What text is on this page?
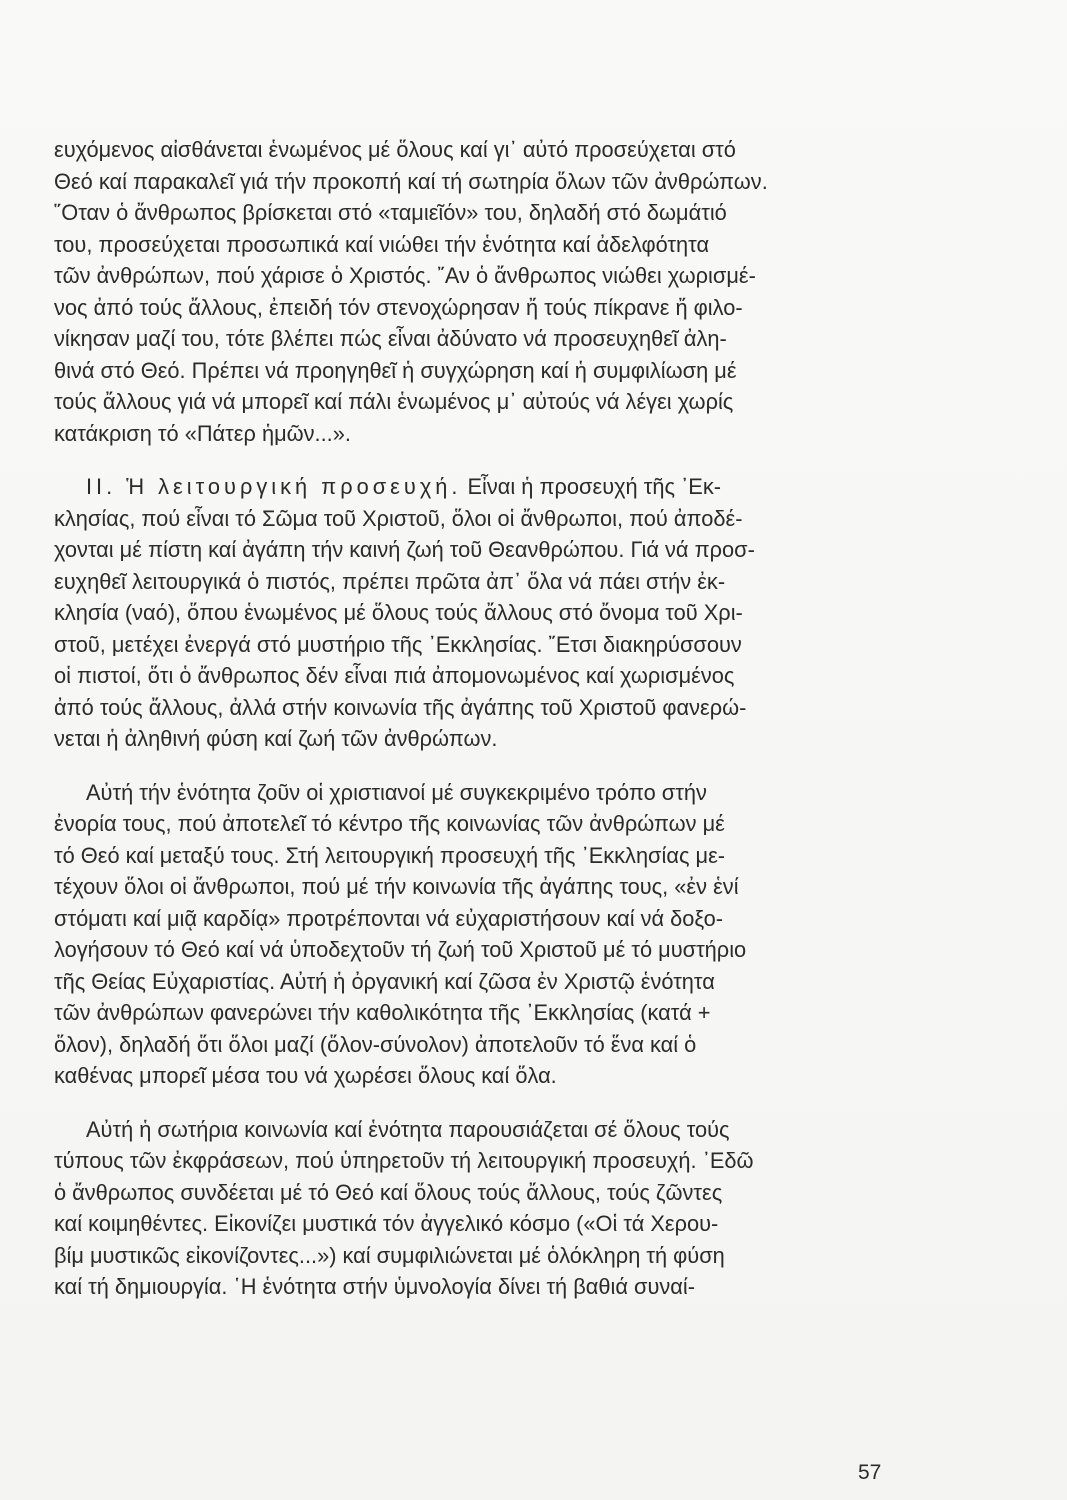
ευχόμενος αἰσθάνεται ἑνωμένος μέ ὅλους καί γι᾽ αὐτό προσεύχεται στό
Θεό καί παρακαλεῖ γιά τήν προκοπή καί τή σωτηρία ὅλων τῶν ἀνθρώπων.
῞Οταν ὁ ἄνθρωπος βρίσκεται στό «ταμιεῖόν» του, δηλαδή στό δωμάτιό
του, προσεύχεται προσωπικά καί νιώθει τήν ἑνότητα καί ἀδελφότητα
τῶν ἀνθρώπων, πού χάρισε ὁ Χριστός. ῎Αν ὁ ἄνθρωπος νιώθει χωρισμέ-
νος ἀπό τούς ἄλλους, ἐπειδή τόν στενοχώρησαν ἤ τούς πίκρανε ἤ φιλο-
νίκησαν μαζί του, τότε βλέπει πώς εἶναι ἀδύνατο νά προσευχηθεῖ ἀλη-
θινά στό Θεό. Πρέπει νά προηγηθεῖ ἡ συγχώρηση καί ἡ συμφιλίωση μέ
τούς ἄλλους γιά νά μπορεῖ καί πάλι ἑνωμένος μ᾽ αὐτούς νά λέγει χωρίς
κατάκριση τό «Πάτερ ἡμῶν...».

ΙΙ. Ἡ λειτουργική προσευχή. Εἶναι ἡ προσευχή τῆς ᾽Εκ-
κλησίας, πού εἶναι τό Σῶμα τοῦ Χριστοῦ, ὅλοι οἱ ἄνθρωποι, πού ἀποδέ-
χονται μέ πίστη καί ἀγάπη τήν καινή ζωή τοῦ Θεανθρώπου. Γιά νά προσ-
ευχηθεῖ λειτουργικά ὁ πιστός, πρέπει πρῶτα ἀπ᾽ ὅλα νά πάει στήν ἐκ-
κλησία (ναό), ὅπου ἑνωμένος μέ ὅλους τούς ἄλλους στό ὄνομα τοῦ Χρι-
στοῦ, μετέχει ἐνεργά στό μυστήριο τῆς ᾽Εκκλησίας. ῎Ετσι διακηρύσσουν
οἱ πιστοί, ὅτι ὁ ἄνθρωπος δέν εἶναι πιά ἀπομονωμένος καί χωρισμένος
ἀπό τούς ἄλλους, ἀλλά στήν κοινωνία τῆς ἀγάπης τοῦ Χριστοῦ φανερώ-
νεται ἡ ἀληθινή φύση καί ζωή τῶν ἀνθρώπων.

Αὐτή τήν ἑνότητα ζοῦν οἱ χριστιανοί μέ συγκεκριμένο τρόπο στήν
ἐνορία τους, πού ἀποτελεῖ τό κέντρο τῆς κοινωνίας τῶν ἀνθρώπων μέ
τό Θεό καί μεταξύ τους. Στή λειτουργική προσευχή τῆς ᾽Εκκλησίας με-
τέχουν ὅλοι οἱ ἄνθρωποι, πού μέ τήν κοινωνία τῆς ἀγάπης τους, «ἐν ἑνί
στόματι καί μιᾷ καρδίᾳ» προτρέπονται νά εὐχαριστήσουν καί νά δοξο-
λογήσουν τό Θεό καί νά ὑποδεχτοῦν τή ζωή τοῦ Χριστοῦ μέ τό μυστήριο
τῆς Θείας Εὐχαριστίας. Αὐτή ἡ ὀργανική καί ζῶσα ἐν Χριστῷ ἑνότητα
τῶν ἀνθρώπων φανερώνει τήν καθολικότητα τῆς ᾽Εκκλησίας (κατά +
ὅλον), δηλαδή ὅτι ὅλοι μαζί (ὅλον-σύνολον) ἀποτελοῦν τό ἕνα καί ὁ
καθένας μπορεῖ μέσα του νά χωρέσει ὅλους καί ὅλα.

Αὐτή ἡ σωτήρια κοινωνία καί ἑνότητα παρουσιάζεται σέ ὅλους τούς
τύπους τῶν ἐκφράσεων, πού ὑπηρετοῦν τή λειτουργική προσευχή. ᾽Εδῶ
ὁ ἄνθρωπος συνδέεται μέ τό Θεό καί ὅλους τούς ἄλλους, τούς ζῶντες
καί κοιμηθέντες. Εἰκονίζει μυστικά τόν ἀγγελικό κόσμο («Οἱ τά Χερου-
βίμ μυστικῶς εἰκονίζοντες...») καί συμφιλιώνεται μέ ὁλόκληρη τή φύση
καί τή δημιουργία. ῾Η ἑνότητα στήν ὑμνολογία δίνει τή βαθιά συναί-

57
